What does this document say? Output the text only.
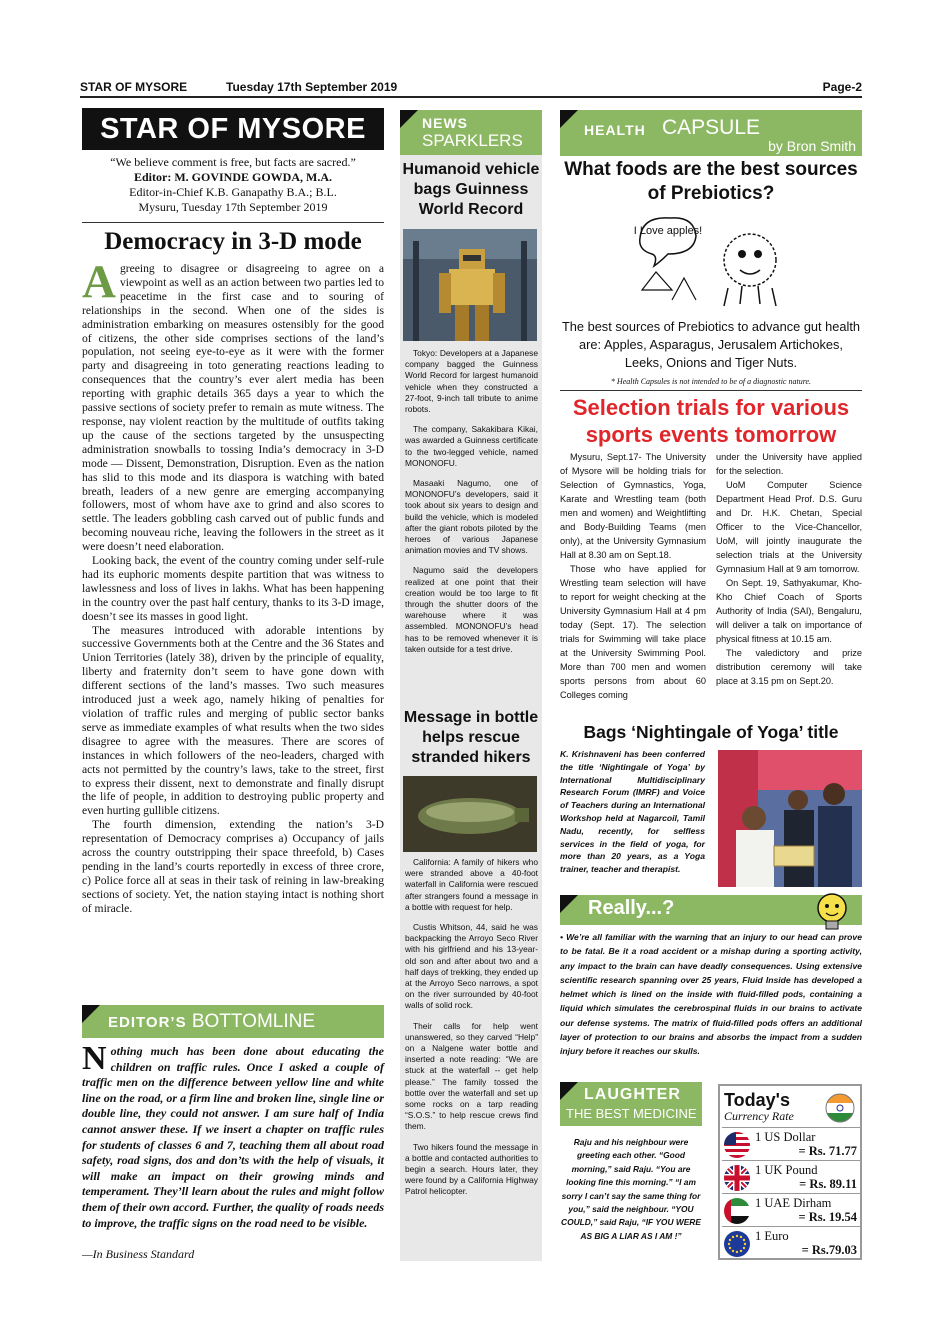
STAR OF MYSORE	Tuesday 17th September 2019	Page-2
STAR OF MYSORE
“We believe comment is free, but facts are sacred.”
Editor: M. GOVINDE GOWDA, M.A.
Editor-in-Chief K.B. Ganapathy B.A.; B.L.
Mysuru, Tuesday 17th September 2019
Democracy in 3-D mode

Agreeing to disagree or disagreeing to agree on a viewpoint as well as an action between two parties led to peacetime in the first case and to souring of relationships in the second. When one of the sides is administration embarking on measures ostensibly for the good of citizens, the other side comprises sections of the land’s population, not seeing eye-to-eye as it were with the former party and disagreeing in toto generating reactions leading to consequences that the country’s ever alert media has been reporting with graphic details 365 days a year to which the passive sections of society prefer to remain as mute witness. The response, nay violent reaction by the multitude of outfits taking up the cause of the sections targeted by the unsuspecting administration snowballs to tossing India’s democracy in 3-D mode — Dissent, Demonstration, Disruption. Even as the nation has slid to this mode and its diaspora is watching with bated breath, leaders of a new genre are emerging accompanying followers, most of whom have axe to grind and also scores to settle. The leaders gobbling cash carved out of public funds and becoming nouveau riche, leaving the followers in the street as it were doesn’t need elaboration.

Looking back, the event of the country coming under self-rule had its euphoric moments despite partition that was witness to lawlessness and loss of lives in lakhs. What has been happening in the country over the past half century, thanks to its 3-D image, doesn’t see its masses in good light.

The measures introduced with adorable intentions by successive Governments both at the Centre and the 36 States and Union Territories (lately 38), driven by the principle of equality, liberty and fraternity don’t seem to have gone down with different sections of the land’s masses. Two such measures introduced just a week ago, namely hiking of penalties for violation of traffic rules and merging of public sector banks serve as immediate examples of what results when the two sides disagree to agree with the measures. There are scores of instances in which followers of the neo-leaders, charged with acts not permitted by the country’s laws, take to the street, first to express their dissent, next to demonstrate and finally disrupt the life of people, in addition to destroying public property and even hurting gullible citizens.

The fourth dimension, extending the nation’s 3-D representation of Democracy comprises a) Occupancy of jails across the country outstripping their space threefold, b) Cases pending in the land’s courts reportedly in excess of three crore, c) Police force all at seas in their task of reining in law-breaking sections of society. Yet, the nation staying intact is nothing short of miracle.

EDITOR’S BOTTOMLINE
Nothing much has been done about educating the children on traffic rules. Once I asked a couple of traffic men on the difference between yellow line and white line on the road, or a firm line and broken line, single line or double line, they could not answer. I am sure half of India cannot answer these. If we insert a chapter on traffic rules for students of classes 6 and 7, teaching them all about road safety, road signs, dos and don’ts with the help of visuals, it will make an impact on their growing minds and temperament. They’ll learn about the rules and might follow them of their own accord. Further, the quality of roads needs to improve, the traffic signs on the road need to be visible.
—In Business Standard
NEWS
SPARKLERS
Humanoid vehicle bags Guinness World Record

Tokyo: Developers at a Japanese company bagged the Guinness World Record for largest humanoid vehicle when they constructed a 27-foot, 9-inch tall tribute to anime robots.

The company, Sakakibara Kikai, was awarded a Guinness certificate to the two-legged vehicle, named MONONOFU.

Masaaki Nagumo, one of MONONOFU’s developers, said it took about six years to design and build the vehicle, which is modeled after the giant robots piloted by the heroes of various Japanese animation movies and TV shows.

Nagumo said the developers realized at one point that their creation would be too large to fit through the shutter doors of the warehouse where it was assembled. MONONOFU’s head has to be removed whenever it is taken outside for a test drive.

Message in bottle helps rescue stranded hikers

California: A family of hikers who were stranded above a 40-foot waterfall in California were rescued after strangers found a message in a bottle with request for help.

Custis Whitson, 44, said he was backpacking the Arroyo Seco River with his girlfriend and his 13-year-old son and after about two and a half days of trekking, they ended up at the Arroyo Seco narrows, a spot on the river surrounded by 40-foot walls of solid rock.

Their calls for help went unanswered, so they carved “Help” on a Nalgene water bottle and inserted a note reading: “We are stuck at the waterfall -- get help please.” The family tossed the bottle over the waterfall and set up some rocks on a tarp reading “S.O.S.” to help rescue crews find them.

Two hikers found the message in a bottle and contacted authorities to begin a search. Hours later, they were found by a California Highway Patrol helicopter.

HEALTH CAPSULE
by Bron Smith
What foods are the best sources of Prebiotics?
I Love apples!
The best sources of Prebiotics to advance gut health are: Apples, Asparagus, Jerusalem Artichokes, Leeks, Onions and Tiger Nuts.
* Health Capsules is not intended to be of a diagnostic nature.
Selection trials for various sports events tomorrow

Mysuru, Sept.17- The University of Mysore will be holding trials for Selection of Gymnastics, Yoga, Karate and Wrestling team (both men and women) and Weightlifting and Body-Building Teams (men only), at the University Gymnasium Hall at 8.30 am on Sept.18.

Those who have applied for Wrestling team selection will have to report for weight checking at the University Gymnasium Hall at 4 pm today (Sept. 17). The selection trials for Swimming will take place at the University Swimming Pool. More than 700 men and women sports persons from about 60 Colleges coming

under the University have applied for the selection.

UoM Computer Science Department Head Prof. D.S. Guru and Dr. H.K. Chetan, Special Officer to the Vice-Chancellor, UoM, will jointly inaugurate the selection trials at the University Gymnasium Hall at 9 am tomorrow.

On Sept. 19, Sathyakumar, Kho-Kho Chief Coach of Sports Authority of India (SAI), Bengaluru, will deliver a talk on importance of physical fitness at 10.15 am.

The valedictory and prize distribution ceremony will take place at 3.15 pm on Sept.20.

Bags ‘Nightingale of Yoga’ title
K. Krishnaveni has been conferred the title ‘Nightingale of Yoga’ by International Multidisciplinary Research Forum (IMRF) and Voice of Teachers during an International Workshop held at Nagarcoil, Tamil Nadu, recently, for selfless services in the field of yoga, for more than 20 years, as a Yoga trainer, teacher and therapist.
Really...?
• We’re all familiar with the warning that an injury to our head can prove to be fatal. Be it a road accident or a mishap during a sporting activity, any impact to the brain can have deadly consequences. Using extensive scientific research spanning over 25 years, Fluid Inside has developed a helmet which is lined on the inside with fluid-filled pods, containing a liquid which simulates the cerebrospinal fluids in our brains to activate our defense systems. The matrix of fluid-filled pods offers an additional layer of protection to our brains and absorbs the impact from a sudden injury before it reaches our skulls.
LAUGHTER
THE BEST MEDICINE
Raju and his neighbour were greeting each other. “Good morning,” said Raju. “You are looking fine this morning.” “I am sorry I can’t say the same thing for you,” said the neighbour. “YOU COULD,” said Raju, “IF YOU WERE AS BIG A LIAR AS I AM !”
Today's
Currency Rate
1 US Dollar
= Rs. 71.77
1 UK Pound
= Rs. 89.11
1 UAE Dirham
= Rs. 19.54
1 Euro
= Rs.79.03
